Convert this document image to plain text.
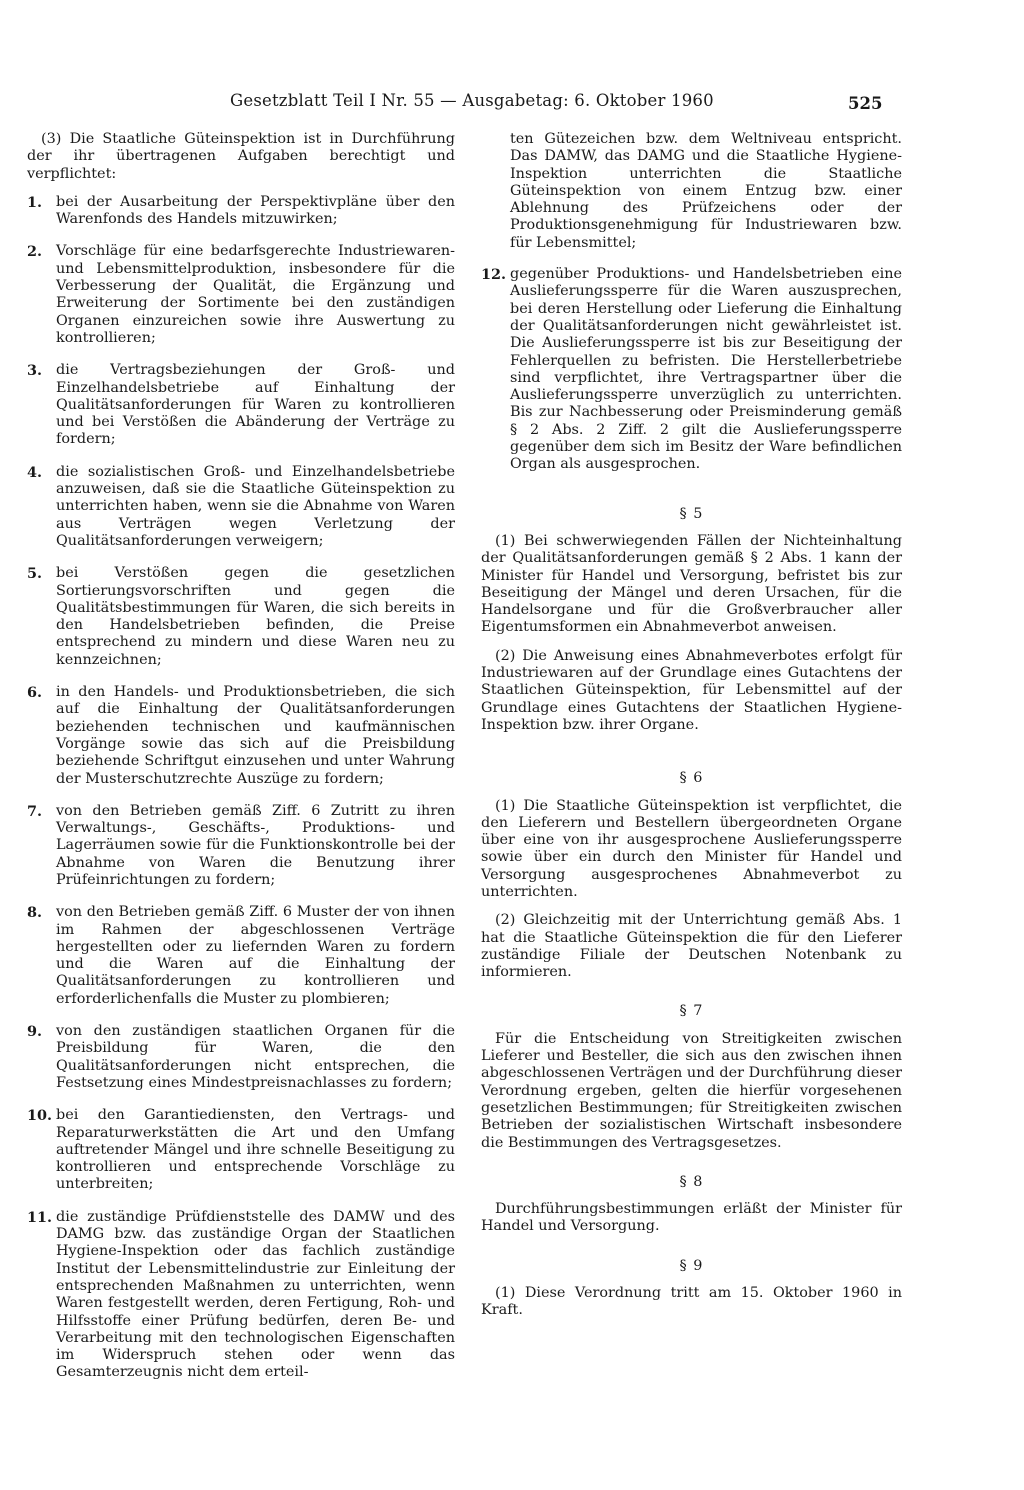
Gesetzblatt Teil I Nr. 55 — Ausgabetag: 6. Oktober 1960	525

(3) Die Staatliche Güteinspektion ist in Durchführung der ihr übertragenen Aufgaben berechtigt und verpflichtet:

1. bei der Ausarbeitung der Perspektivpläne über den Warenfonds des Handels mitzuwirken;
2. Vorschläge für eine bedarfsgerechte Industriewaren- und Lebensmittelproduktion, insbesondere für die Verbesserung der Qualität, die Ergänzung und Erweiterung der Sortimente bei den zuständigen Organen einzureichen sowie ihre Auswertung zu kontrollieren;
3. die Vertragsbeziehungen der Groß- und Einzelhandelsbetriebe auf Einhaltung der Qualitätsanforderungen für Waren zu kontrollieren und bei Verstößen die Abänderung der Verträge zu fordern;
4. die sozialistischen Groß- und Einzelhandelsbetriebe anzuweisen, daß sie die Staatliche Güteinspektion zu unterrichten haben, wenn sie die Abnahme von Waren aus Verträgen wegen Verletzung der Qualitätsanforderungen verweigern;
5. bei Verstößen gegen die gesetzlichen Sortierungsvorschriften und gegen die Qualitätsbestimmungen für Waren, die sich bereits in den Handelsbetrieben befinden, die Preise entsprechend zu mindern und diese Waren neu zu kennzeichnen;
6. in den Handels- und Produktionsbetrieben, die sich auf die Einhaltung der Qualitätsanforderungen beziehenden technischen und kaufmännischen Vorgänge sowie das sich auf die Preisbildung beziehende Schriftgut einzusehen und unter Wahrung der Musterschutzrechte Auszüge zu fordern;
7. von den Betrieben gemäß Ziff. 6 Zutritt zu ihren Verwaltungs-, Geschäfts-, Produktions- und Lagerräumen sowie für die Funktionskontrolle bei der Abnahme von Waren die Benutzung ihrer Prüfeinrichtungen zu fordern;
8. von den Betrieben gemäß Ziff. 6 Muster der von ihnen im Rahmen der abgeschlossenen Verträge hergestellten oder zu liefernden Waren zu fordern und die Waren auf die Einhaltung der Qualitätsanforderungen zu kontrollieren und erforderlichenfalls die Muster zu plombieren;
9. von den zuständigen staatlichen Organen für die Preisbildung für Waren, die den Qualitätsanforderungen nicht entsprechen, die Festsetzung eines Mindestpreisnachlasses zu fordern;
10. bei den Garantiediensten, den Vertrags- und Reparaturwerkstätten die Art und den Umfang auftretender Mängel und ihre schnelle Beseitigung zu kontrollieren und entsprechende Vorschläge zu unterbreiten;
11. die zuständige Prüfdienststelle des DAMW und des DAMG bzw. das zuständige Organ der Staatlichen Hygiene-Inspektion oder das fachlich zuständige Institut der Lebensmittelindustrie zur Einleitung der entsprechenden Maßnahmen zu unterrichten, wenn Waren festgestellt werden, deren Fertigung, Roh- und Hilfsstoffe einer Prüfung bedürfen, deren Be- und Verarbeitung mit den technologischen Eigenschaften im Widerspruch stehen oder wenn das Gesamterzeugnis nicht dem erteil-
ten Gütezeichen bzw. dem Weltniveau entspricht. Das DAMW, das DAMG und die Staatliche Hygiene-Inspektion unterrichten die Staatliche Güteinspektion von einem Entzug bzw. einer Ablehnung des Prüfzeichens oder der Produktionsgenehmigung für Industriewaren bzw. für Lebensmittel;
12. gegenüber Produktions- und Handelsbetrieben eine Auslieferungssperre für die Waren auszusprechen, bei deren Herstellung oder Lieferung die Einhaltung der Qualitätsanforderungen nicht gewährleistet ist. Die Auslieferungssperre ist bis zur Beseitigung der Fehlerquellen zu befristen. Die Herstellerbetriebe sind verpflichtet, ihre Vertragspartner über die Auslieferungssperre unverzüglich zu unterrichten. Bis zur Nachbesserung oder Preisminderung gemäß § 2 Abs. 2 Ziff. 2 gilt die Auslieferungssperre gegenüber dem sich im Besitz der Ware befindlichen Organ als ausgesprochen.
§ 5

(1) Bei schwerwiegenden Fällen der Nichteinhaltung der Qualitätsanforderungen gemäß § 2 Abs. 1 kann der Minister für Handel und Versorgung, befristet bis zur Beseitigung der Mängel und deren Ursachen, für die Handelsorgane und für die Großverbraucher aller Eigentumsformen ein Abnahmeverbot anweisen.

(2) Die Anweisung eines Abnahmeverbotes erfolgt für Industriewaren auf der Grundlage eines Gutachtens der Staatlichen Güteinspektion, für Lebensmittel auf der Grundlage eines Gutachtens der Staatlichen Hygiene-Inspektion bzw. ihrer Organe.

§ 6

(1) Die Staatliche Güteinspektion ist verpflichtet, die den Lieferern und Bestellern übergeordneten Organe über eine von ihr ausgesprochene Auslieferungssperre sowie über ein durch den Minister für Handel und Versorgung ausgesprochenes Abnahmeverbot zu unterrichten.

(2) Gleichzeitig mit der Unterrichtung gemäß Abs. 1 hat die Staatliche Güteinspektion die für den Lieferer zuständige Filiale der Deutschen Notenbank zu informieren.

§ 7

Für die Entscheidung von Streitigkeiten zwischen Lieferer und Besteller, die sich aus den zwischen ihnen abgeschlossenen Verträgen und der Durchführung dieser Verordnung ergeben, gelten die hierfür vorgesehenen gesetzlichen Bestimmungen; für Streitigkeiten zwischen Betrieben der sozialistischen Wirtschaft insbesondere die Bestimmungen des Vertragsgesetzes.

§ 8

Durchführungsbestimmungen erläßt der Minister für Handel und Versorgung.

§ 9

(1) Diese Verordnung tritt am 15. Oktober 1960 in Kraft.
